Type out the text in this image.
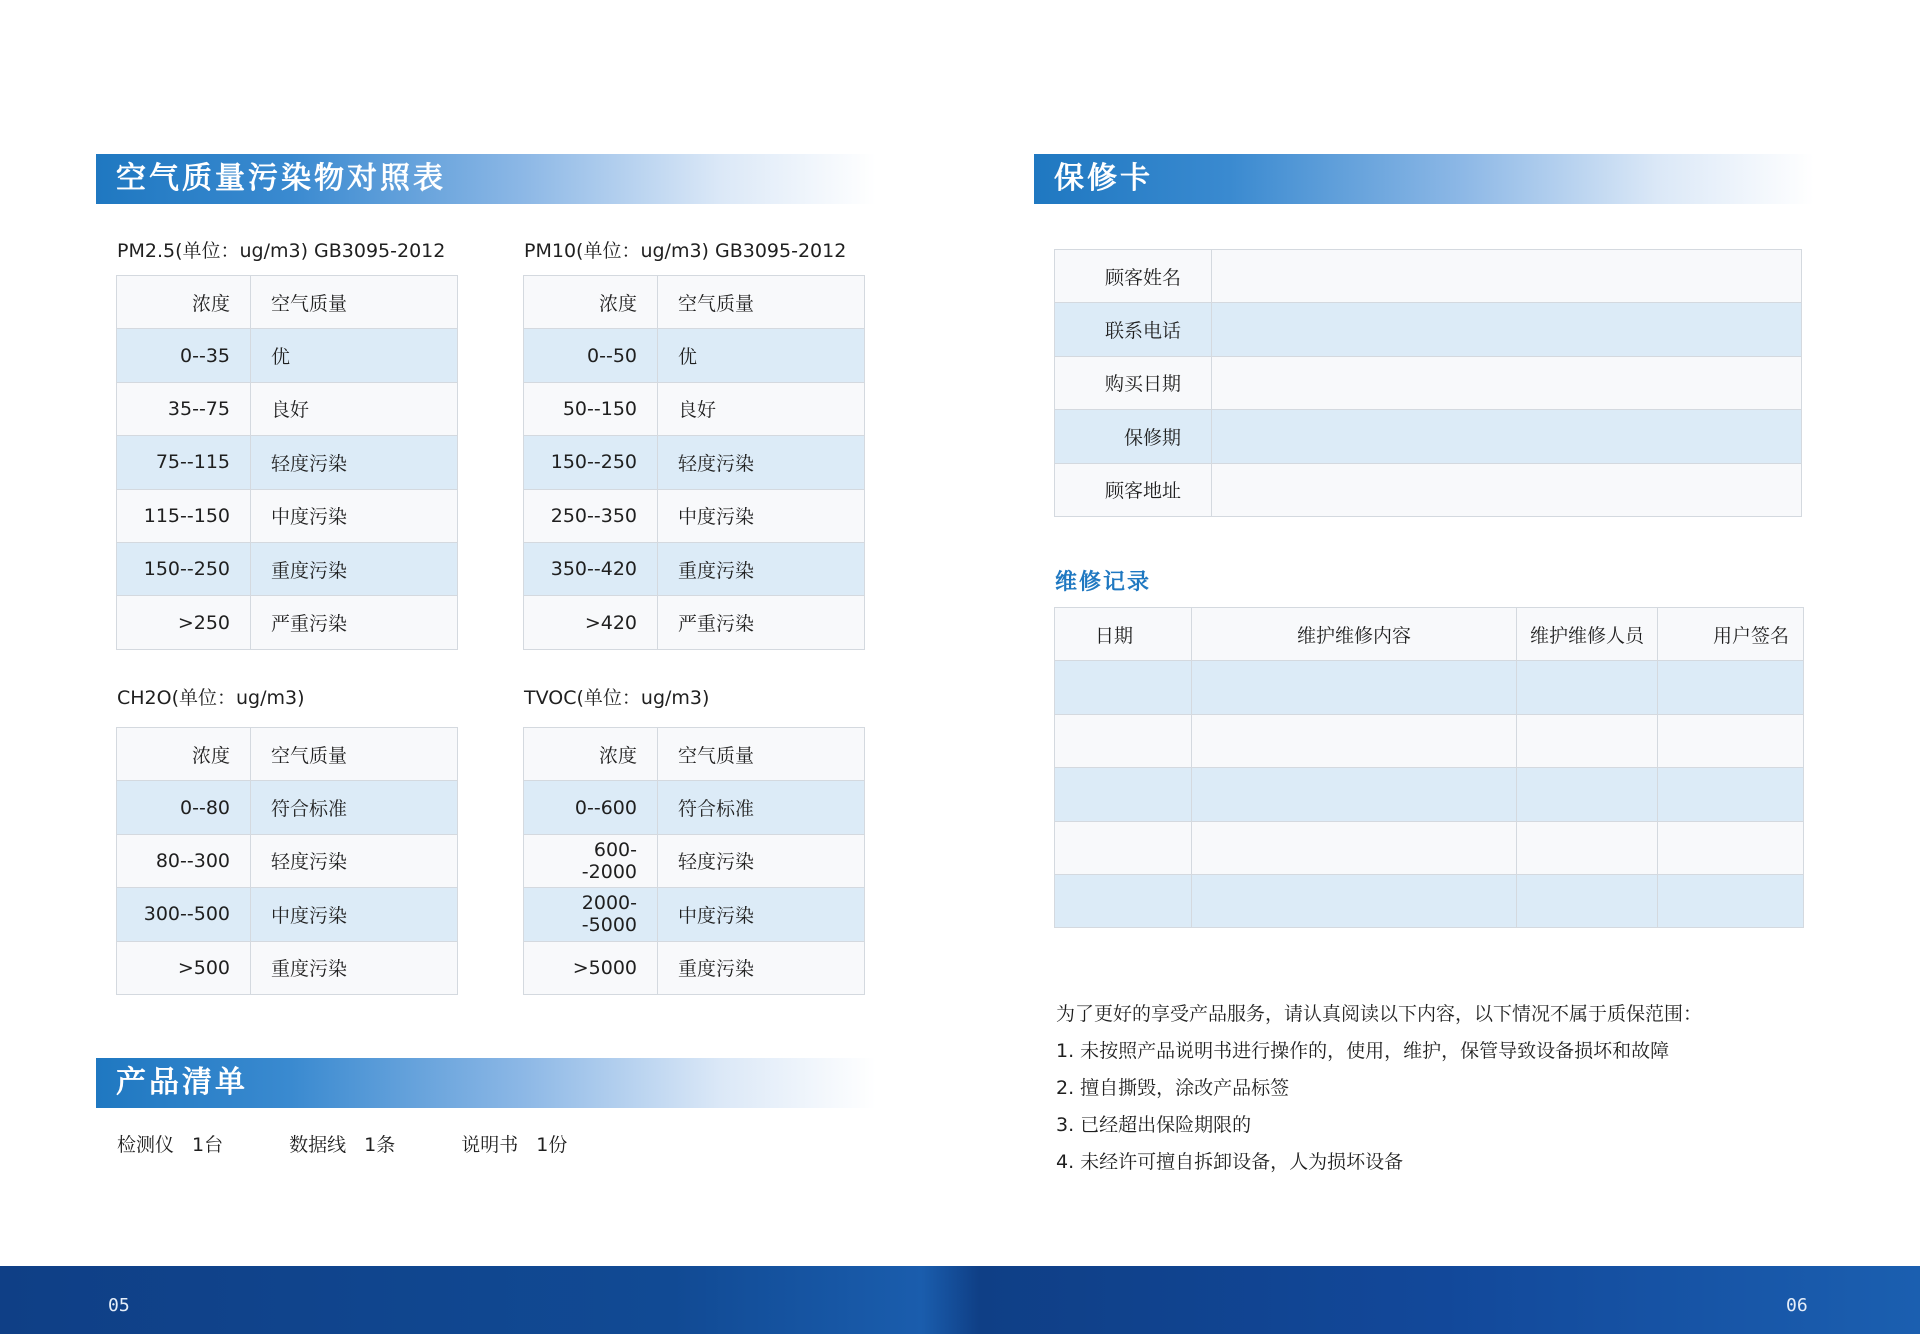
空气质量污染物对照表
PM2.5(单位：ug/m3) GB3095-2012
浓度	空气质量
0--35	优
35--75	良好
75--115	轻度污染
115--150	中度污染
150--250	重度污染
>250	严重污染
PM10(单位：ug/m3) GB3095-2012
浓度	空气质量
0--50	优
50--150	良好
150--250	轻度污染
250--350	中度污染
350--420	重度污染
>420	严重污染
CH2O(单位：ug/m3)
浓度	空气质量
0--80	符合标准
80--300	轻度污染
300--500	中度污染
>500	重度污染
TVOC(单位：ug/m3)
浓度	空气质量
0--600	符合标准
600--2000	轻度污染
2000--5000	中度污染
>5000	重度污染
产品清单
检测仪 1台	数据线 1条	说明书 1份
保修卡
顾客姓名	
联系电话	
购买日期	
保修期	
顾客地址	
维修记录
日期	维护维修内容	维护维修人员	用户签名

为了更好的享受产品服务，请认真阅读以下内容，以下情况不属于质保范围：
1. 未按照产品说明书进行操作的，使用，维护，保管导致设备损坏和故障
2. 擅自撕毁，涂改产品标签
3. 已经超出保险期限的
4. 未经许可擅自拆卸设备，人为损坏设备
05	06
